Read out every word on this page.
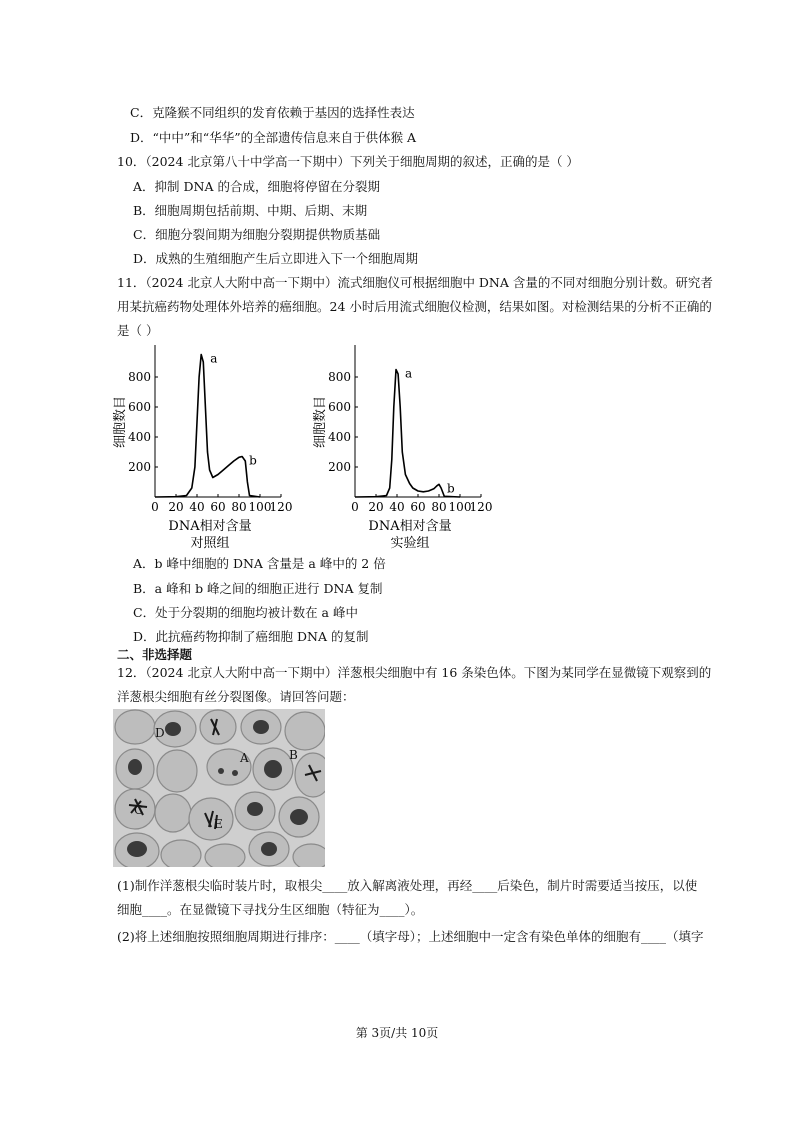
C．克隆猴不同组织的发育依赖于基因的选择性表达
D．“中中”和“华华”的全部遗传信息来自于供体猴 A
10．（2024 北京第八十中学高一下期中）下列关于细胞周期的叙述，正确的是（ ）
A．抑制 DNA 的合成，细胞将停留在分裂期
B．细胞周期包括前期、中期、后期、末期
C．细胞分裂间期为细胞分裂期提供物质基础
D．成熟的生殖细胞产生后立即进入下一个细胞周期
11．（2024 北京人大附中高一下期中）流式细胞仪可根据细胞中 DNA 含量的不同对细胞分别计数。研究者
用某抗癌药物处理体外培养的癌细胞。24 小时后用流式细胞仪检测，结果如图。对检测结果的分析不正确的
是（ ）
0 20 40 60 80 100
120
200
400
600
800
细胞数目
DNA相对含量
对照组
a
b
0 20 40 60 80 100
120
200
400
600
800
细胞数目
DNA相对含量
实验组
a
b
A．b 峰中细胞的 DNA 含量是 a 峰中的 2 倍
B．a 峰和 b 峰之间的细胞正进行 DNA 复制
C．处于分裂期的细胞均被计数在 a 峰中
D．此抗癌药物抑制了癌细胞 DNA 的复制
二、非选择题
12．（2024 北京人大附中高一下期中）洋葱根尖细胞中有 16 条染色体。下图为某同学在显微镜下观察到的
洋葱根尖细胞有丝分裂图像。请回答问题：
D
A	B
C
E
(1)制作洋葱根尖临时装片时，取根尖____放入解离液处理，再经____后染色，制片时需要适当按压，以使
细胞____。在显微镜下寻找分生区细胞（特征为____）。
(2)将上述细胞按照细胞周期进行排序：____（填字母）；上述细胞中一定含有染色单体的细胞有____（填字
第 3页/共 10页
